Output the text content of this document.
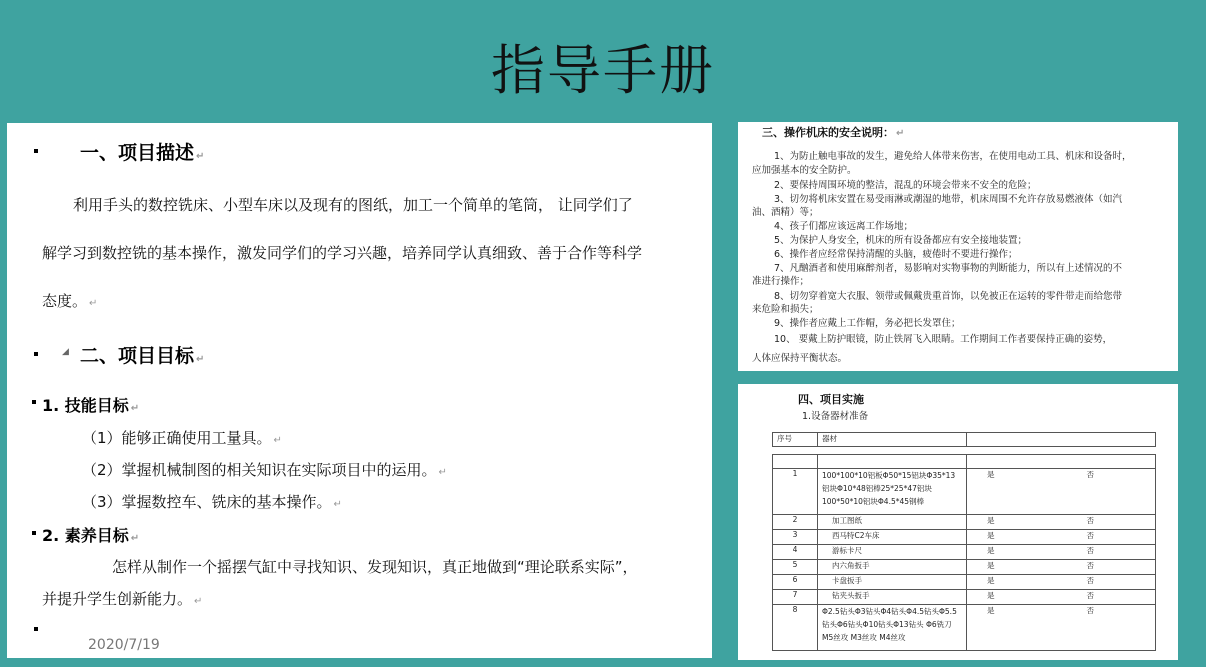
指导手册
一、项目描述 ↵
利用手头的数控铣床、小型车床以及现有的图纸，加工一个简单的笔筒， 让同学们了
解学习到数控铣的基本操作，激发同学们的学习兴趣，培养同学认真细致、善于合作等科学
态度。 ↵
◢ 二、项目目标 ↵
1. 技能目标 ↵
（1）能够正确使用工量具。 ↵
（2）掌握机械制图的相关知识在实际项目中的运用。 ↵
（3）掌握数控车、铣床的基本操作。 ↵
2. 素养目标 ↵
怎样从制作一个摇摆气缸中寻找知识、发现知识，真正地做到“理论联系实际”，
并提升学生创新能力。 ↵
2020/7/19
三、操作机床的安全说明： ↵
1、为防止触电事故的发生，避免给人体带来伤害，在使用电动工具、机床和设备时，
应加强基本的安全防护。
2、要保持周围环境的整洁，混乱的环境会带来不安全的危险；
3、切勿将机床安置在易受雨淋或潮湿的地带，机床周围不允许存放易燃液体（如汽
油、酒精）等；
4、孩子们都应该远离工作场地；
5、为保护人身安全，机床的所有设备都应有安全接地装置；
6、操作者应经常保持清醒的头脑，疲倦时不要进行操作；
7、凡酗酒者和使用麻醉剂者，易影响对实物事物的判断能力，所以有上述情况的不
准进行操作；
8、切勿穿着宽大衣服、领带或佩戴贵重首饰，以免被正在运转的零件带走而给您带
来危险和损失；
9、操作者应戴上工作帽，务必把长发罩住；
10、 要戴上防护眼镜，防止铁屑飞入眼睛。工作期间工作者要保持正确的姿势，
人体应保持平衡状态。
四、项目实施
1.设备器材准备
序号	器材	

1	100*100*10铝板Φ50*15铝块Φ35*13铝块Φ10*48铝棒25*25*47铝块100*50*10铝块Φ4.5*45钢棒	是 否
2	加工图纸	是 否
3	西马特C2车床	是 否
4	游标卡尺	是 否
5	内六角扳手	是 否
6	卡盘扳手	是 否
7	钻夹头扳手	是 否
8	Φ2.5钻头Φ3钻头Φ4钻头Φ4.5钻头Φ5.5钻头Φ6钻头Φ10钻头Φ13钻头 Φ6铣刀 M5丝攻 M3丝攻 M4丝攻	是 否
